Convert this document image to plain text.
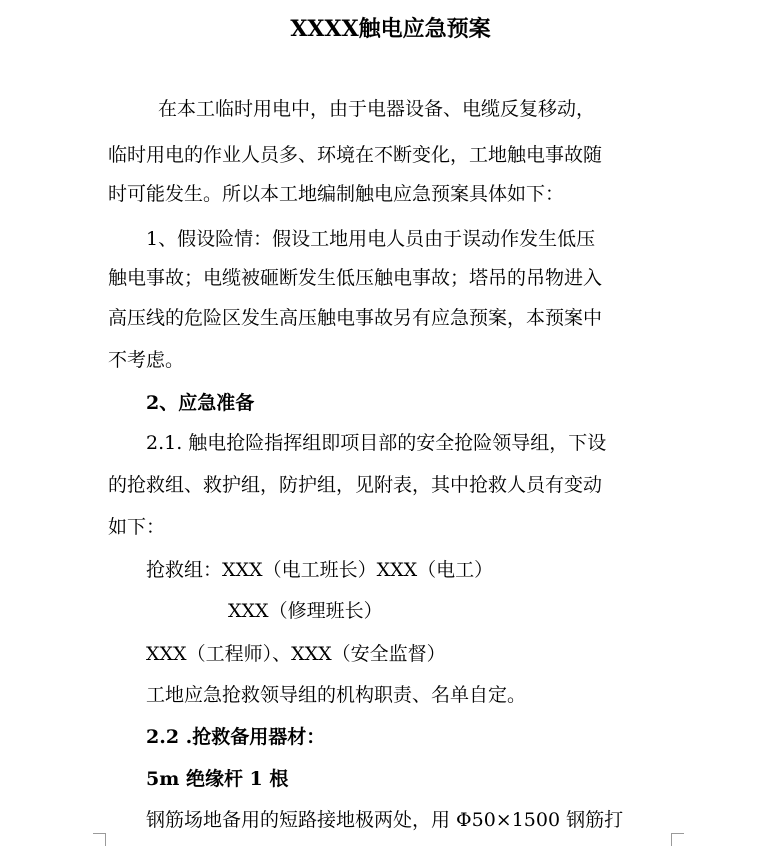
XXXX触电应急预案
在本工临时用电中，由于电器设备、电缆反复移动，
临时用电的作业人员多、环境在不断变化，工地触电事故随
时可能发生。所以本工地编制触电应急预案具体如下：
1、假设险情：假设工地用电人员由于误动作发生低压
触电事故；电缆被砸断发生低压触电事故；塔吊的吊物进入
高压线的危险区发生高压触电事故另有应急预案，本预案中
不考虑。
2、应急准备
2.1. 触电抢险指挥组即项目部的安全抢险领导组，下设
的抢救组、救护组，防护组，见附表，其中抢救人员有变动
如下：
抢救组：XXX（电工班长）XXX（电工）
XXX（修理班长）
XXX（工程师）、XXX（安全监督）
工地应急抢救领导组的机构职责、名单自定。
2.2 .抢救备用器材：
5m 绝缘杆 1 根
钢筋场地备用的短路接地极两处，用 Φ50×1500 钢筋打
